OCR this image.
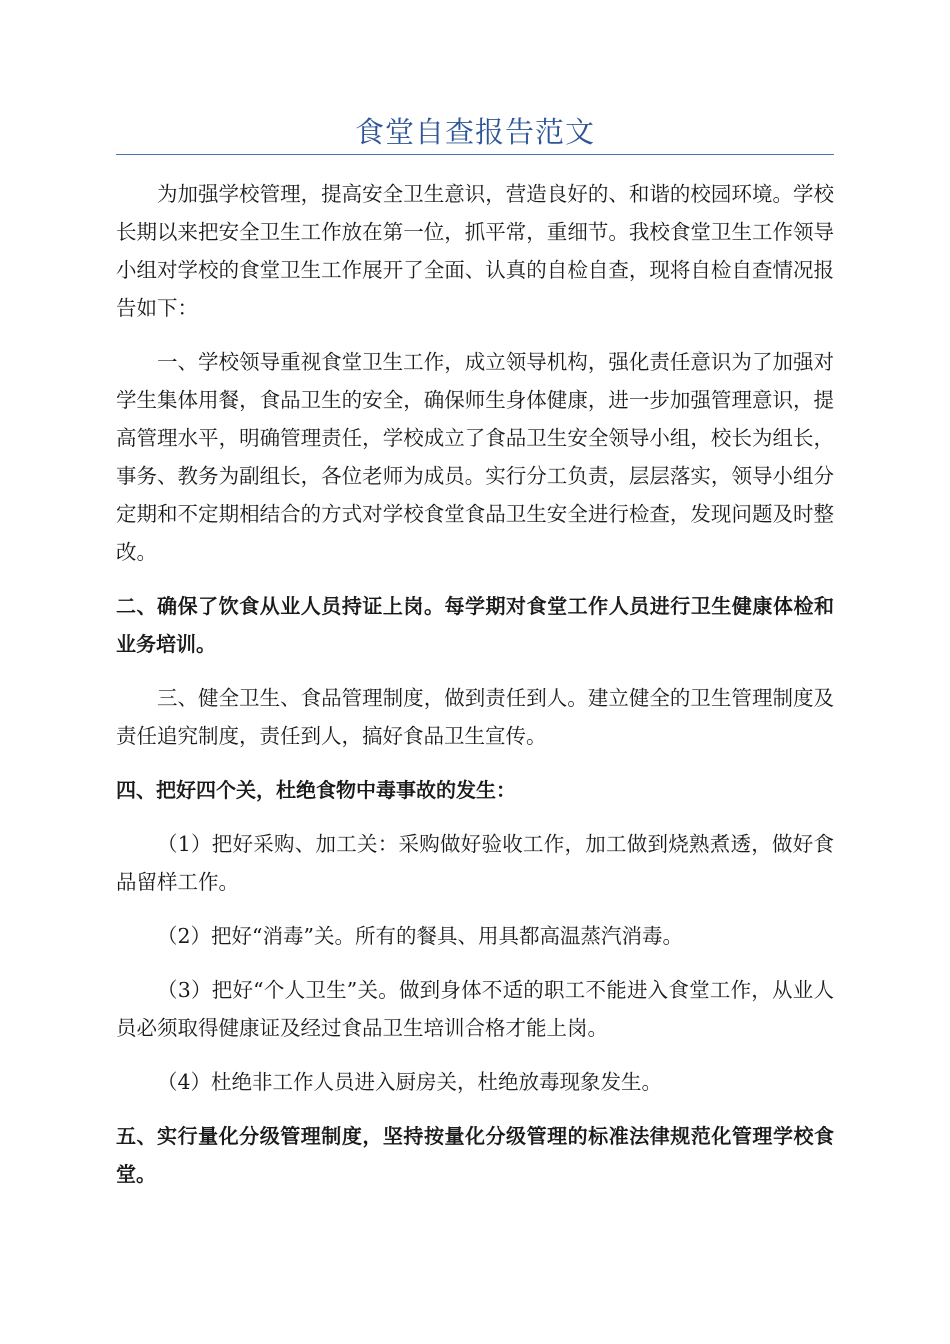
食堂自查报告范文

为加强学校管理，提高安全卫生意识，营造良好的、和谐的校园环境。学校长期以来把安全卫生工作放在第一位，抓平常，重细节。我校食堂卫生工作领导小组对学校的食堂卫生工作展开了全面、认真的自检自查，现将自检自查情况报告如下：

一、学校领导重视食堂卫生工作，成立领导机构，强化责任意识为了加强对学生集体用餐，食品卫生的安全，确保师生身体健康，进一步加强管理意识，提高管理水平，明确管理责任，学校成立了食品卫生安全领导小组，校长为组长，事务、教务为副组长，各位老师为成员。实行分工负责，层层落实，领导小组分定期和不定期相结合的方式对学校食堂食品卫生安全进行检查，发现问题及时整改。

二、确保了饮食从业人员持证上岗。每学期对食堂工作人员进行卫生健康体检和业务培训。

三、健全卫生、食品管理制度，做到责任到人。建立健全的卫生管理制度及责任追究制度，责任到人，搞好食品卫生宣传。

四、把好四个关，杜绝食物中毒事故的发生：

（1）把好采购、加工关：采购做好验收工作，加工做到烧熟煮透，做好食品留样工作。

（2）把好“消毒”关。所有的餐具、用具都高温蒸汽消毒。

（3）把好“个人卫生”关。做到身体不适的职工不能进入食堂工作，从业人员必须取得健康证及经过食品卫生培训合格才能上岗。

（4）杜绝非工作人员进入厨房关，杜绝放毒现象发生。

五、实行量化分级管理制度，坚持按量化分级管理的标准法律规范化管理学校食堂。
